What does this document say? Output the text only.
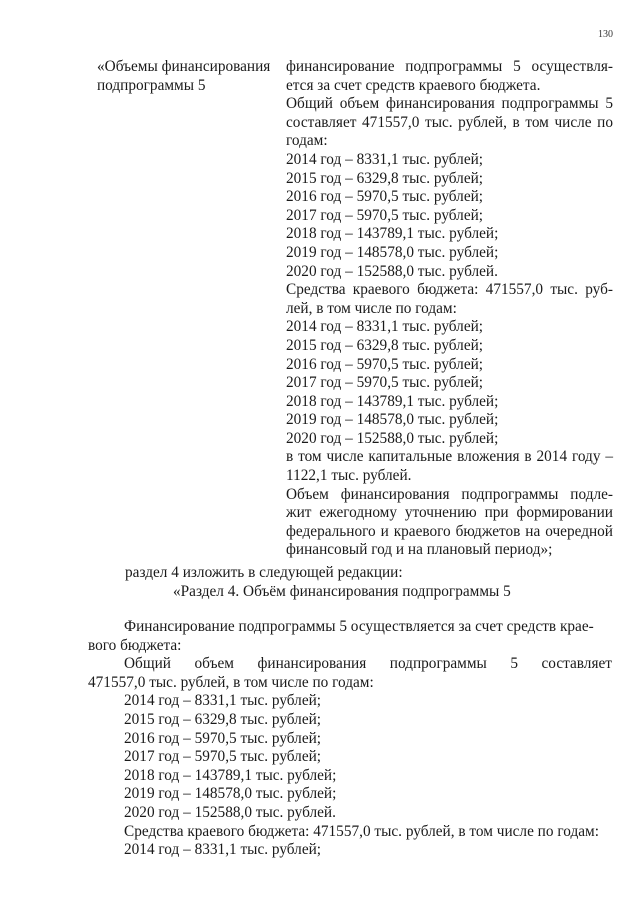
130
«Объемы финансирования
подпрограммы 5
финансирование подпрограммы 5 осуществля-
ется за счет средств краевого бюджета.
Общий объем финансирования подпрограммы 5
составляет 471557,0 тыс. рублей, в том числе по
годам:
2014 год – 8331,1 тыс. рублей;
2015 год – 6329,8 тыс. рублей;
2016 год – 5970,5 тыс. рублей;
2017 год – 5970,5 тыс. рублей;
2018 год – 143789,1 тыс. рублей;
2019 год – 148578,0 тыс. рублей;
2020 год – 152588,0 тыс. рублей.
Средства краевого бюджета: 471557,0 тыс. руб-
лей, в том числе по годам:
2014 год – 8331,1 тыс. рублей;
2015 год – 6329,8 тыс. рублей;
2016 год – 5970,5 тыс. рублей;
2017 год – 5970,5 тыс. рублей;
2018 год – 143789,1 тыс. рублей;
2019 год – 148578,0 тыс. рублей;
2020 год – 152588,0 тыс. рублей;
в том числе капитальные вложения в 2014 году –
1122,1 тыс. рублей.
Объем финансирования подпрограммы подле-
жит ежегодному уточнению при формировании
федерального и краевого бюджетов на очередной
финансовый год и на плановый период»;
раздел 4 изложить в следующей редакции:
«Раздел 4. Объём финансирования подпрограммы 5
Финансирование подпрограммы 5 осуществляется за счет средств крае-
вого бюджета:
Общий объем финансирования подпрограммы 5 составляет
471557,0 тыс. рублей, в том числе по годам:
2014 год – 8331,1 тыс. рублей;
2015 год – 6329,8 тыс. рублей;
2016 год – 5970,5 тыс. рублей;
2017 год – 5970,5 тыс. рублей;
2018 год – 143789,1 тыс. рублей;
2019 год – 148578,0 тыс. рублей;
2020 год – 152588,0 тыс. рублей.
Средства краевого бюджета: 471557,0 тыс. рублей, в том числе по годам:
2014 год – 8331,1 тыс. рублей;
